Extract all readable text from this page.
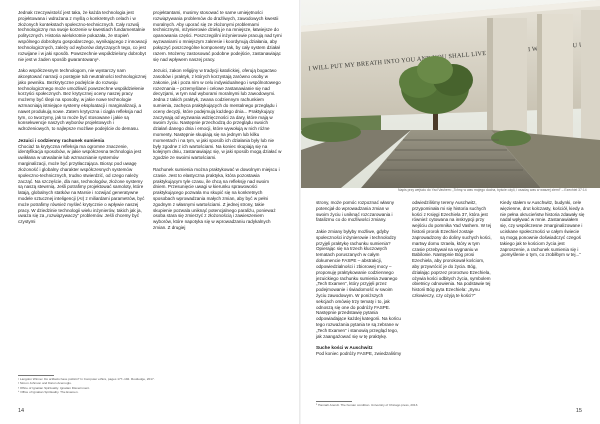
Jednak rzeczywistość jest taka, że każda technologia jest projektowana i wdrażana z myślą o konkretnych celach i w złożonych kontekstach społeczno-technicznych. Cały rozwój technologiczny ma swoje korzenie w kwestiach fundamentalnie politycznych. Historia wielokrotnie pokazała, że stopień wspólnego dobrobytu gospodarczego, wynikającego z innowacji technologicznych, zależy od wyborów dotyczących tego, co jest rozwijane i w jaki sposób. Powszechnie współdzielony dobrobyt nie jest w żaden sposób gwarantowany¹.

Jako współczesnym technologom, nie wystarczy nam akceptować narracji o postępie tub neutralności technologicznej jako pewniku. Bezkrytyczne podejście do rozwoju technologicznego może umożliwić powszechne współdzielenie korzyści społecznych. Bez krytycznej oceny naszej pracy możemy być ślepi na sposoby, w jakie nowe technologie wzmacniają istniejące systemy eksploatacji i marginalizacji, a nawet produkują nowe. Zatem krytyczna i ciągła refleksja nad tym, co tworzymy, jak to może być stosowane i jakie są konsekwencje naszych wyborów projektowych i wdrożeniowych, to najlepsze możliwe podejście do demasu.

Jezuici i codzienny rachunek sumienia

Chociaż ta krytyczna refleksja ma ogromne znaczenie, identyfikacja sposobów, w jakie współczesna technologia jest uwikłana w utrwalanie lub wzmacnianie systemów marginalizacji, może być przytłaczająca. Biorąc pod uwagę złożoność i globalny charakter współczesnych systemów społeczno-technicznych, trudno stwierdzić, od czego należy zacząć. Na szczęście, dla nas, technologów, złożone systemy są naszą stewrnią. Jeśli potrafimy projektować samoloty, które latają, globalnych statków na Marsie i rozwijać generatywne modele sztucznej inteligencji (AI) z miliardami parametrów, być może potrafimy również myśleć krytycznie o wpływie naszej pracy. W dziedzinie technologii wielu inżynierów, takich jak ja, uważa się za „rozwiązywaczy” problemów. Jeśli chcemy być czystymi

projektantami, musimy stosować te same umiejętności rozwiązywania problemów do drażliwych, zawodowych kwestii moralnych. Aby uporać się ze złożonymi problemami technicznymi, inżynierowie dzielą je na mniejsze, łatwiejsze do opanowania części. Poszczególni inżynierowie pracują nad tymi wyzwaniami o mniejszym zakresie i koordynują działania, aby połączyć poszczególne komponenty tak, by cały system działał razem. Możemy zastosować podobne podejście, zastanawiając się nad wpływem naszej pracy.

Jezuici, zakon religijny w tradycji katolickiej, oferują bogactwo zasobów i praktyk, z których korzystają zarówno osoby w zakonie, jak i poza nim w celu indywidualnego i wspólnotowego rozeznania – przemyślane i celowe zastanawianie się nad decyzjami, w tym nad wyborami moralnymi lub zawodowymi. Jedna z takich praktyk, zwana codziennym rachunkiem sumienia, zachęca praktykujących do mentalnego przeglądu i oceny decyzji, które podejmują każdego dnia... Praktykujący zaczynają od wyzwania wdzięczności za dary, które mają w swoim życiu. Następnie przechodzą do przeglądu swoich działań danego dnia i emocji, które wywołują w nich różne momenty. Następnie skupiają się na jednym lub kilku momentach i na tym, w jaki sposób ich działania były lub nie były zgodne z ich wartościami. Na koniec skupiają się na kolejnym dniu, zastanawiając się, w jaki sposób mogą działać w zgodzie ze swoimi wartościami.

Rachunek sumienia można praktykować w dowolnym miejscu i czasie. Jest to elastyczna praktyka, która pozostawia praktykującym tyle czasu, ile chcą na refleksję nad swoim dniem. Przesunięcie uwagi w kierunku sprawowości praktykującego pozwala mu skupić się na konkretnych sposobach wprowadzania małych zmian, aby być w pełni zgodnym z własnymi wartościami. Z jednej strony, takie skupienie pozwala uniknąć potencjalnego paraliżu, ponieważ osoba stara się zmierzyć z złożonością i zawieszeniem wyborów, które napotyka się w wprowadzaniu radykalnych zmian. Z drugiej

¹ Langdon Winner. Do artifacts have politics? In Computer ethics, pages 177–192. Routledge, 2017.
² Simon Johnson and Daron Acemoglu.
³ Office of Ignatian Spirituality. Ignatian Discernment.
⁴ Office of Ignatian Spirituality. The Examen.
14
Napis przy wejściu do Yad Vashem: „Tchnę w was mojego ducha, byście ożyli, i osadzę was w waszej ziemi” – Ezechiel 37:14

strony, może pomóc rozpoznać własny potencjał do wprowadzania zmian w swoim życiu i uniknąć rozczarowania i fatalizmu co do możliwości zmiany.

Jakie zmiany byłyby możliwe, gdyby społeczności inżynierowie i technolodzy przyjęli praktykę rachunku sumienia? Opierając się na trzech kluczowych tematach poruszanych w całym dokumencie FASPE – abstrakcji, odpowiedzialności i zbiorowej mocy – proponuję praktykowanie codziennego jezuickiego rachunku sumienia zwanego „Tech Examen”, który przyjęli przez podejmowanie i świadomość w swoim życiu zawodowym. W poniższych sekcjach omówię trzy tematy i to, jak odnoszą się one do podróży FASPE. Następnie przedstawię pytania odpowiadające każdej kategorii. Na końcu tego rozważania pytania te są zebrane w „Tech Examen” i stanowią przegląd tego, jak zaangażować się w tę praktykę.

Suche kości w Auschwitz

Pod koniec podróży FASPE, zwiedzaliśmy

odwiedziliśmy tereny Auschwitz, przypominała mi się historia suchych kości z Księgi Ezechiela 37, która jest również cytowana na inskrypcji przy wejściu do pomnika Yad Vashem. W tej historii prorok Ezechiel zostaje zaprowadzony do doliny suchych kości, martwy domu Izraela, który w tym czasie przebywał na wygnaniu w Babilonie. Następnie Bóg prosi Ezechiela, aby prorokował kościom, aby przywrócić je do życia. Bóg, działając poprzez proroctwo Ezechiela, ożywia kości odbitych życia, symbolem obietnicy odnowienia. Na podstawie tej historii Bóg pyta Ezechiela: „Synu człowieczy, czy ożyją te kości?”

Kiedy stałem w Auschwitz, budynki, cele więzienne, drut kolczasty, kościół, kiedy a nie pełna okrucieństw historia zdawały się nadal wpływać w mnie. Zastanawiałem się, czy współczesne zmarginalizowane i uciskane społeczności w całym świecie są mogą ponownie doświadczyć czegoś takiego jak te kościom życia jest zaproszenie, a rachunek sumienia się i „pomyślenie o tym, co zrobiłbym w tej...”

⁵ Hannah Arendt. The human condition. University of Chicago press, 2013.
15
